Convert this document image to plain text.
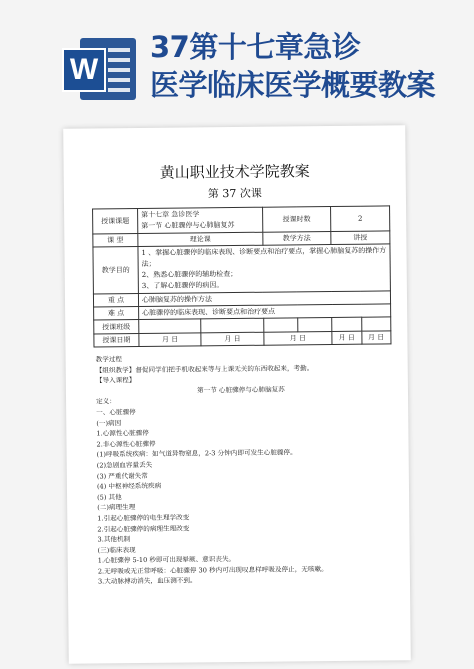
W
37第十七章急诊
医学临床医学概要教案
黄山职业技术学院教案
第 37 次课
授课课题	第十七章 急诊医学
第一节 心脏骤停与心肺脑复苏		授课时数		2	
课 型	理论课		教学方法		讲授	
教学目的	1 、掌握心脏骤停的临床表现、诊断要点和治疗要点，掌握心肺脑复苏的操作方法；
2、熟悉心脏骤停的辅助检查；
3、了解心脏骤停的病因。					

重 点	心肺脑复苏的操作方法					
难 点	心脏骤停的临床表现、诊断要点和治疗要点					
授课班级						
授课日期	月 日	月 日	月 日		月 日	月 日
教学过程
【组织教学】督促同学们把手机收起来等与上课无关的东西收起来，考勤。
【导入课程】
第一节 心脏骤停与心肺脑复苏
定义：
一、心脏骤停
(一)病因
1.心源性心脏骤停
2.非心源性心脏骤停
(1)呼吸系统疾病：如气道异物窒息，2-3 分钟内即可发生心脏骤停。
(2)急剧血容量丢失
(3) 严重代谢失常
(4) 中枢神经系统疾病
(5) 其他
(二)病理生理
1.引起心脏骤停的电生理学改变
2.引起心脏骤停的病理生理改变
3.其他机制
(三)临床表现
1.心脏骤停 5-10 秒即可出现晕厥、意识丧失。
2.无呼吸或无正常呼吸：心脏骤停 30 秒内可出现叹息样呼吸及停止，无咳嗽。
3.大动脉搏动消失，血压测不到。
